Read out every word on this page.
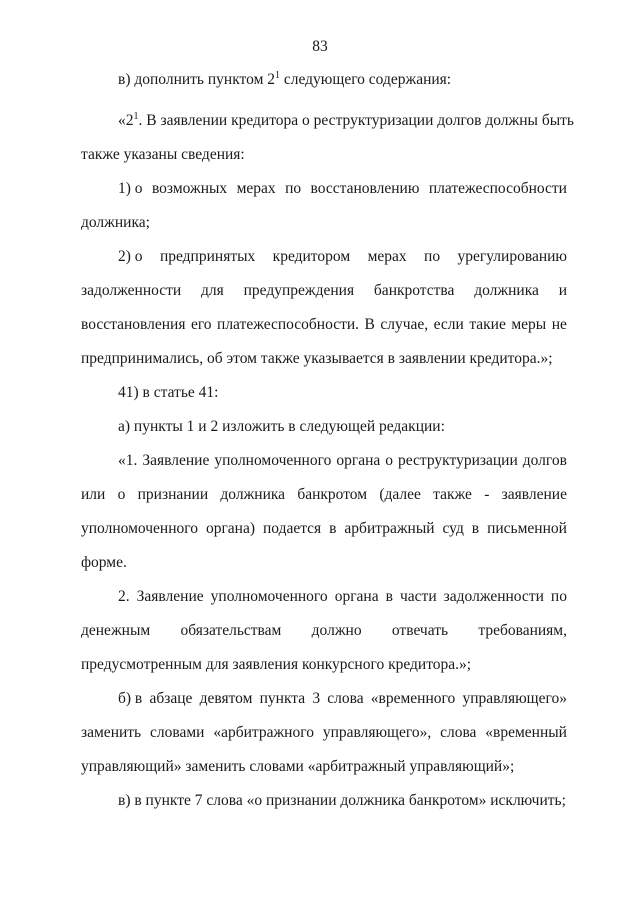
83
в) дополнить пунктом $2^1$ следующего содержания:
«$2^1$. В заявлении кредитора о реструктуризации долгов должны быть
также указаны сведения:
1) о возможных мерах по восстановлению платежеспособности
должника;
2) о предпринятых кредитором мерах по урегулированию
задолженности для предупреждения банкротства должника и
восстановления его платежеспособности. В случае, если такие меры не
предпринимались, об этом также указывается в заявлении кредитора.»;
41) в статье 41:
а) пункты 1 и 2 изложить в следующей редакции:
«1. Заявление уполномоченного органа о реструктуризации долгов
или о признании должника банкротом (далее также - заявление
уполномоченного органа) подается в арбитражный суд в письменной
форме.
2. Заявление уполномоченного органа в части задолженности по
денежным обязательствам должно отвечать требованиям,
предусмотренным для заявления конкурсного кредитора.»;
б) в абзаце девятом пункта 3 слова «временного управляющего»
заменить словами «арбитражного управляющего», слова «временный
управляющий» заменить словами «арбитражный управляющий»;
в) в пункте 7 слова «о признании должника банкротом» исключить;
